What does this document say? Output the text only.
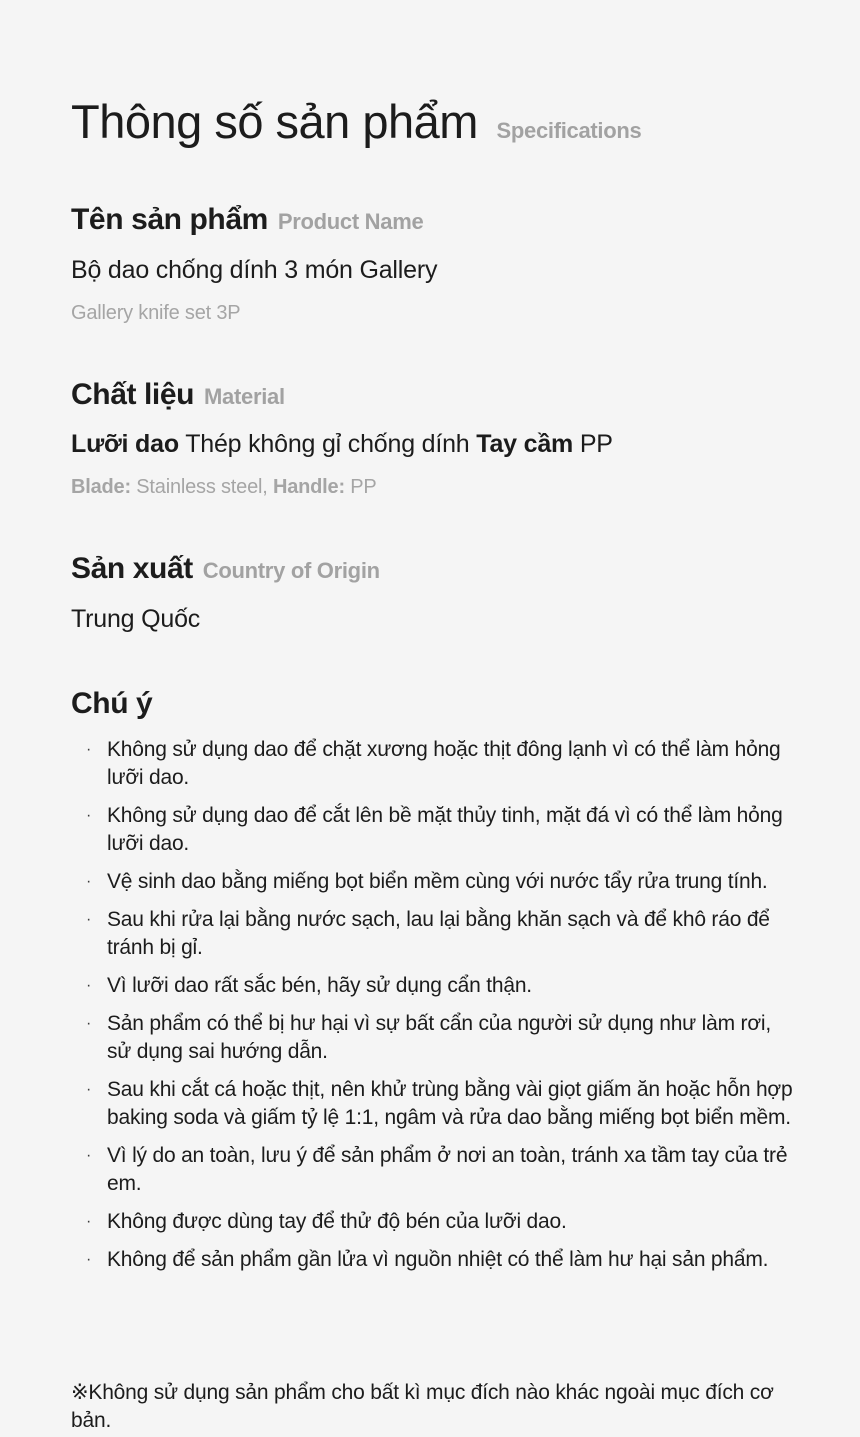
Thông số sản phẩm Specifications
Tên sản phẩm Product Name
Bộ dao chống dính 3 món Gallery
Gallery knife set 3P
Chất liệu Material
Lưỡi dao Thép không gỉ chống dính Tay cầm PP
Blade: Stainless steel, Handle: PP
Sản xuất Country of Origin
Trung Quốc
Chú ý
· Không sử dụng dao để chặt xương hoặc thịt đông lạnh vì có thể làm hỏng lưỡi dao.
· Không sử dụng dao để cắt lên bề mặt thủy tinh, mặt đá vì có thể làm hỏng lưỡi dao.
· Vệ sinh dao bằng miếng bọt biển mềm cùng với nước tẩy rửa trung tính.
· Sau khi rửa lại bằng nước sạch, lau lại bằng khăn sạch và để khô ráo để tránh bị gỉ.
· Vì lưỡi dao rất sắc bén, hãy sử dụng cẩn thận.
· Sản phẩm có thể bị hư hại vì sự bất cẩn của người sử dụng như làm rơi, sử dụng sai hướng dẫn.
· Sau khi cắt cá hoặc thịt, nên khử trùng bằng vài giọt giấm ăn hoặc hỗn hợp baking soda và giấm tỷ lệ 1:1, ngâm và rửa dao bằng miếng bọt biển mềm.
· Vì lý do an toàn, lưu ý để sản phẩm ở nơi an toàn, tránh xa tầm tay của trẻ em.
· Không được dùng tay để thử độ bén của lưỡi dao.
· Không để sản phẩm gần lửa vì nguồn nhiệt có thể làm hư hại sản phẩm.
※Không sử dụng sản phẩm cho bất kì mục đích nào khác ngoài mục đích cơ bản.
